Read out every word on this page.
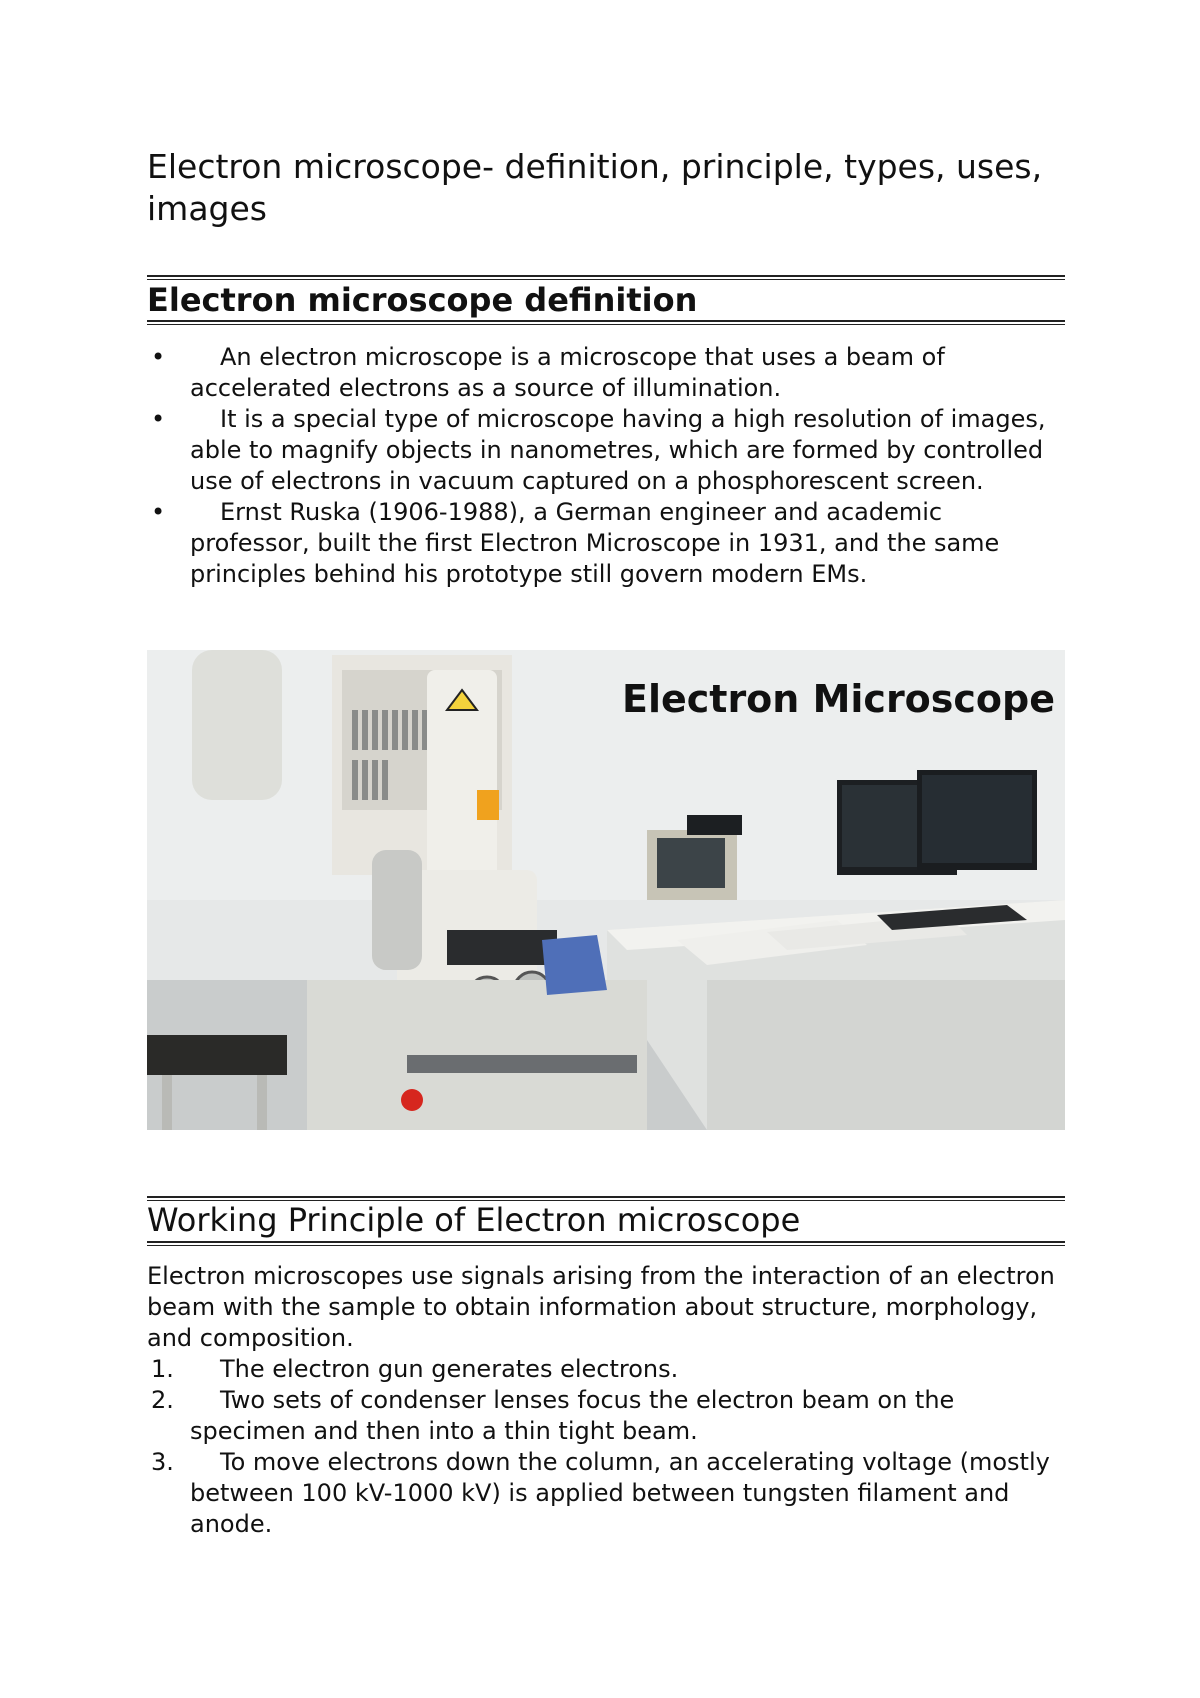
Electron microscope- definition, principle, types, uses, images
Electron microscope definition
• An electron microscope is a microscope that uses a beam of accelerated electrons as a source of illumination.
• It is a special type of microscope having a high resolution of images, able to magnify objects in nanometres, which are formed by controlled use of electrons in vacuum captured on a phosphorescent screen.
• Ernst Ruska (1906-1988), a German engineer and academic professor, built the first Electron Microscope in 1931, and the same principles behind his prototype still govern modern EMs.
Electron Microscope
Working Principle of Electron microscope

Electron microscopes use signals arising from the interaction of an electron beam with the sample to obtain information about structure, morphology, and composition.

1. The electron gun generates electrons.
2. Two sets of condenser lenses focus the electron beam on the specimen and then into a thin tight beam.
3. To move electrons down the column, an accelerating voltage (mostly between 100 kV-1000 kV) is applied between tungsten filament and anode.
